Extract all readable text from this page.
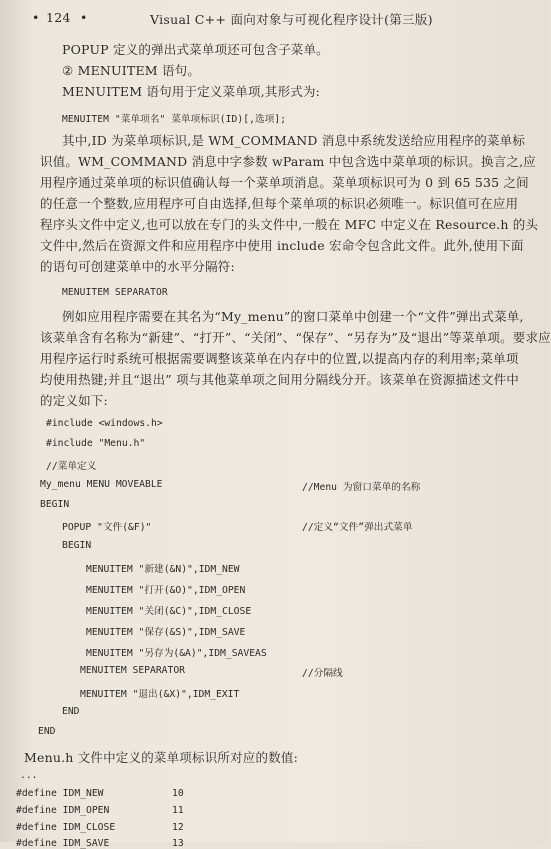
• 124 •	Visual C++ 面向对象与可视化程序设计(第三版)
POPUP 定义的弹出式菜单项还可包含子菜单。
② MENUITEM 语句。
MENUITEM 语句用于定义菜单项,其形式为:
MENUITEM "菜单项名" 菜单项标识(ID)[,选项];
其中,ID 为菜单项标识,是 WM_COMMAND 消息中系统发送给应用程序的菜单标
识值。WM_COMMAND 消息中字参数 wParam 中包含选中菜单项的标识。换言之,应
用程序通过菜单项的标识值确认每一个菜单项消息。菜单项标识可为 0 到 65 535 之间
的任意一个整数,应用程序可自由选择,但每个菜单项的标识必须唯一。标识值可在应用
程序头文件中定义,也可以放在专门的头文件中,一般在 MFC 中定义在 Resource.h 的头
文件中,然后在资源文件和应用程序中使用 include 宏命令包含此文件。此外,使用下面
的语句可创建菜单中的水平分隔符:
MENUITEM SEPARATOR
例如应用程序需要在其名为“My_menu”的窗口菜单中创建一个“文件”弹出式菜单,
该菜单含有名称为“新建”、“打开”、“关闭”、“保存”、“另存为”及“退出”等菜单项。要求应
用程序运行时系统可根据需要调整该菜单在内存中的位置,以提高内存的利用率;菜单项
均使用热键;并且“退出” 项与其他菜单项之间用分隔线分开。该菜单在资源描述文件中
的定义如下:
#include <windows.h>
#include "Menu.h"
//菜单定义
My_menu MENU MOVEABLE	//Menu 为窗口菜单的名称
BEGIN
POPUP "文件(&F)"	//定义“文件”弹出式菜单
BEGIN
MENUITEM "新建(&N)",IDM_NEW
MENUITEM "打开(&O)",IDM_OPEN
MENUITEM "关闭(&C)",IDM_CLOSE
MENUITEM "保存(&S)",IDM_SAVE
MENUITEM "另存为(&A)",IDM_SAVEAS
MENUITEM SEPARATOR	//分隔线
MENUITEM "退出(&X)",IDM_EXIT
END
END
Menu.h 文件中定义的菜单项标识所对应的数值:
...
#define IDM_NEW	10
#define IDM_OPEN	11
#define IDM_CLOSE	12
#define IDM_SAVE	13
